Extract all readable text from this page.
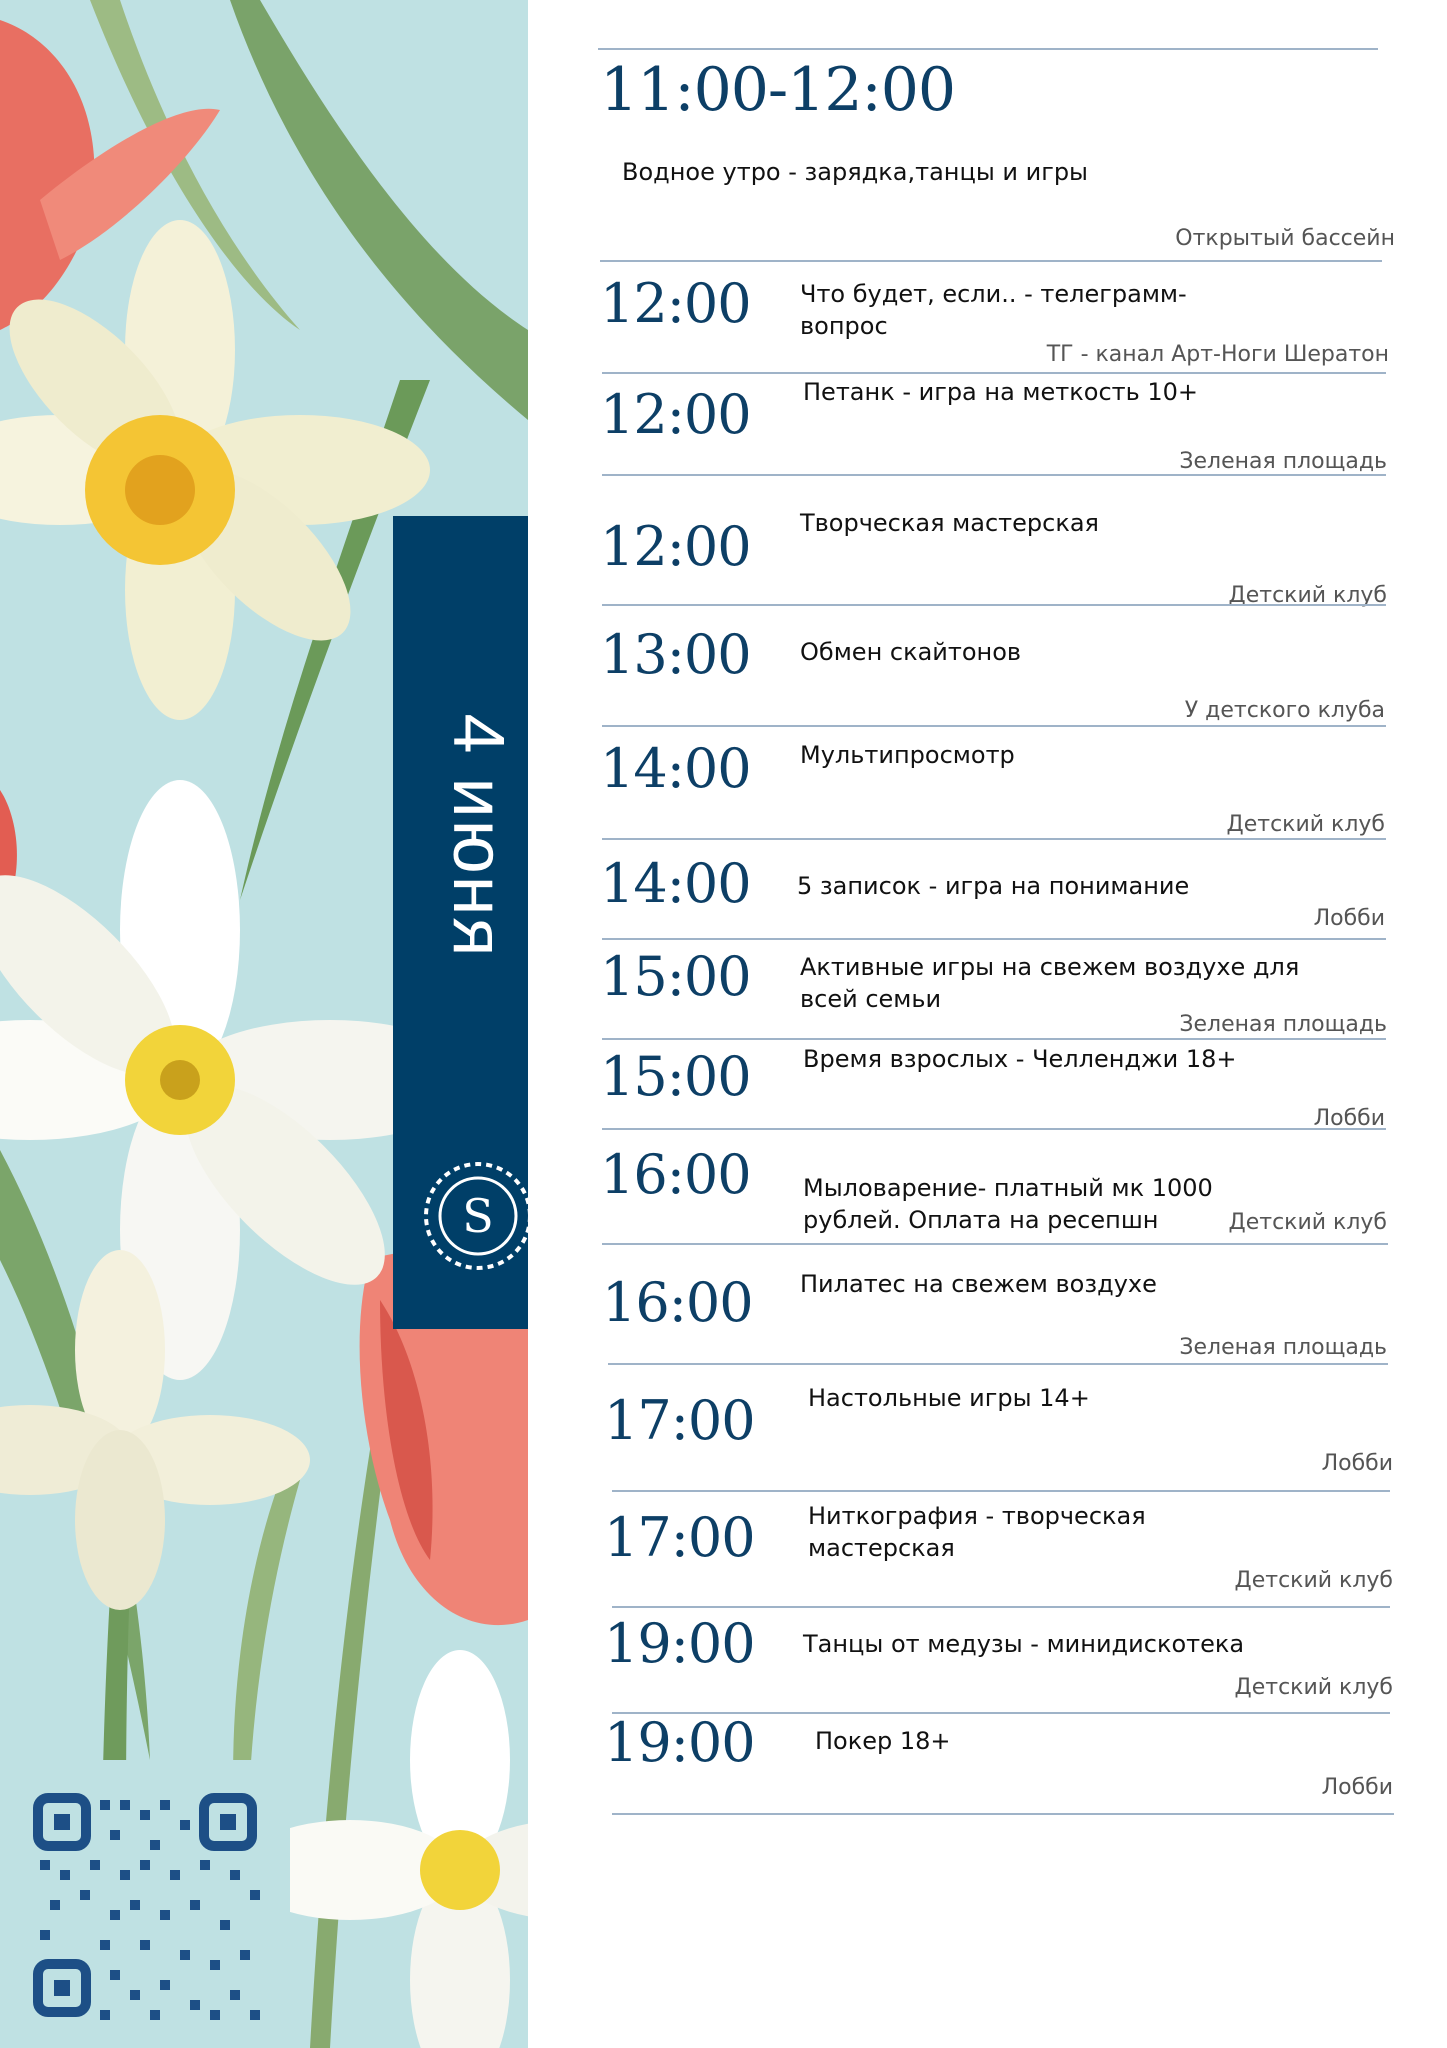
4 июня
S
11:00-12:00
Водное утро - зарядка,танцы и игры
Открытый бассейн
12:00 Что будет, если.. - телеграмм-вопрос
ТГ - канал Арт-Ноги Шератон
12:00 Петанк - игра на меткость 10+
Зеленая площадь
12:00 Творческая мастерская
Детский клуб
13:00 Обмен скайтонов
У детского клуба
14:00 Мультипросмотр
Детский клуб
14:00 5 записок - игра на понимание
Лобби
15:00 Активные игры на свежем воздухе для всей семьи
Зеленая площадь
15:00 Время взрослых - Челленджи 18+
Лобби
16:00 Мыловарение- платный мк 1000 рублей. Оплата на ресепшн	Детский клуб
16:00 Пилатес на свежем воздухе
Зеленая площадь
17:00 Настольные игры 14+
Лобби
17:00 Ниткография - творческая мастерская
Детский клуб
19:00 Танцы от медузы - минидискотека
Детский клуб
19:00	Покер 18+
Лобби
